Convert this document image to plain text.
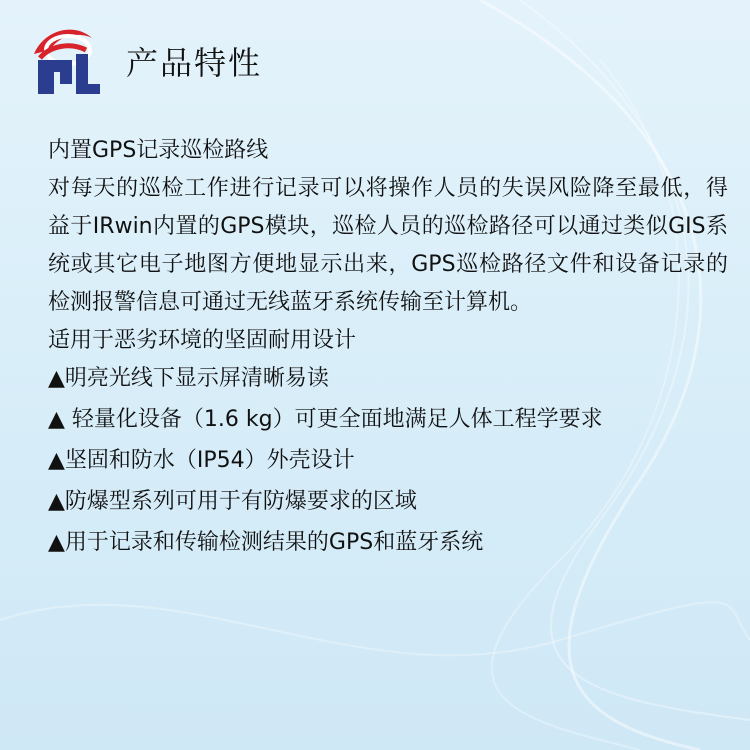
产品特性

内置GPS记录巡检路线

对每天的巡检工作进行记录可以将操作人员的失误风险降至最低，得益于IRwin内置的GPS模块，巡检人员的巡检路径可以通过类似GIS系统或其它电子地图方便地显示出来，GPS巡检路径文件和设备记录的检测报警信息可通过无线蓝牙系统传输至计算机。

适用于恶劣环境的坚固耐用设计

▲明亮光线下显示屏清晰易读
▲ 轻量化设备（1.6 kg）可更全面地满足人体工程学要求
▲坚固和防水（IP54）外壳设计
▲防爆型系列可用于有防爆要求的区域
▲用于记录和传输检测结果的GPS和蓝牙系统
